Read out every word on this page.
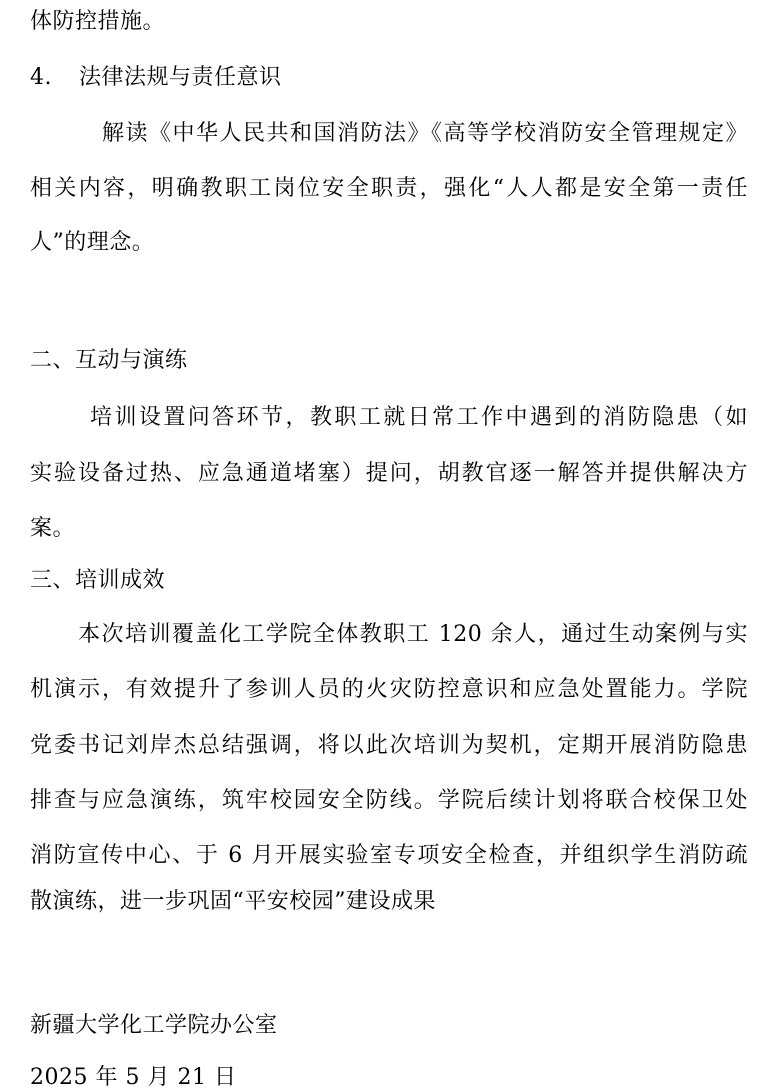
体防控措施。
4. 法律法规与责任意识
解读《中华人民共和国消防法》《高等学校消防安全管理规定》
相关内容，明确教职工岗位安全职责，强化“人人都是安全第一责任
人”的理念。
二、互动与演练
培训设置问答环节，教职工就日常工作中遇到的消防隐患（如
实验设备过热、应急通道堵塞）提问，胡教官逐一解答并提供解决方
案。
三、培训成效
本次培训覆盖化工学院全体教职工 120 余人，通过生动案例与实
机演示，有效提升了参训人员的火灾防控意识和应急处置能力。学院
党委书记刘岸杰总结强调，将以此次培训为契机，定期开展消防隐患
排查与应急演练，筑牢校园安全防线。学院后续计划将联合校保卫处
消防宣传中心、于 6 月开展实验室专项安全检查，并组织学生消防疏
散演练，进一步巩固“平安校园”建设成果
新疆大学化工学院办公室
2025 年 5 月 21 日
